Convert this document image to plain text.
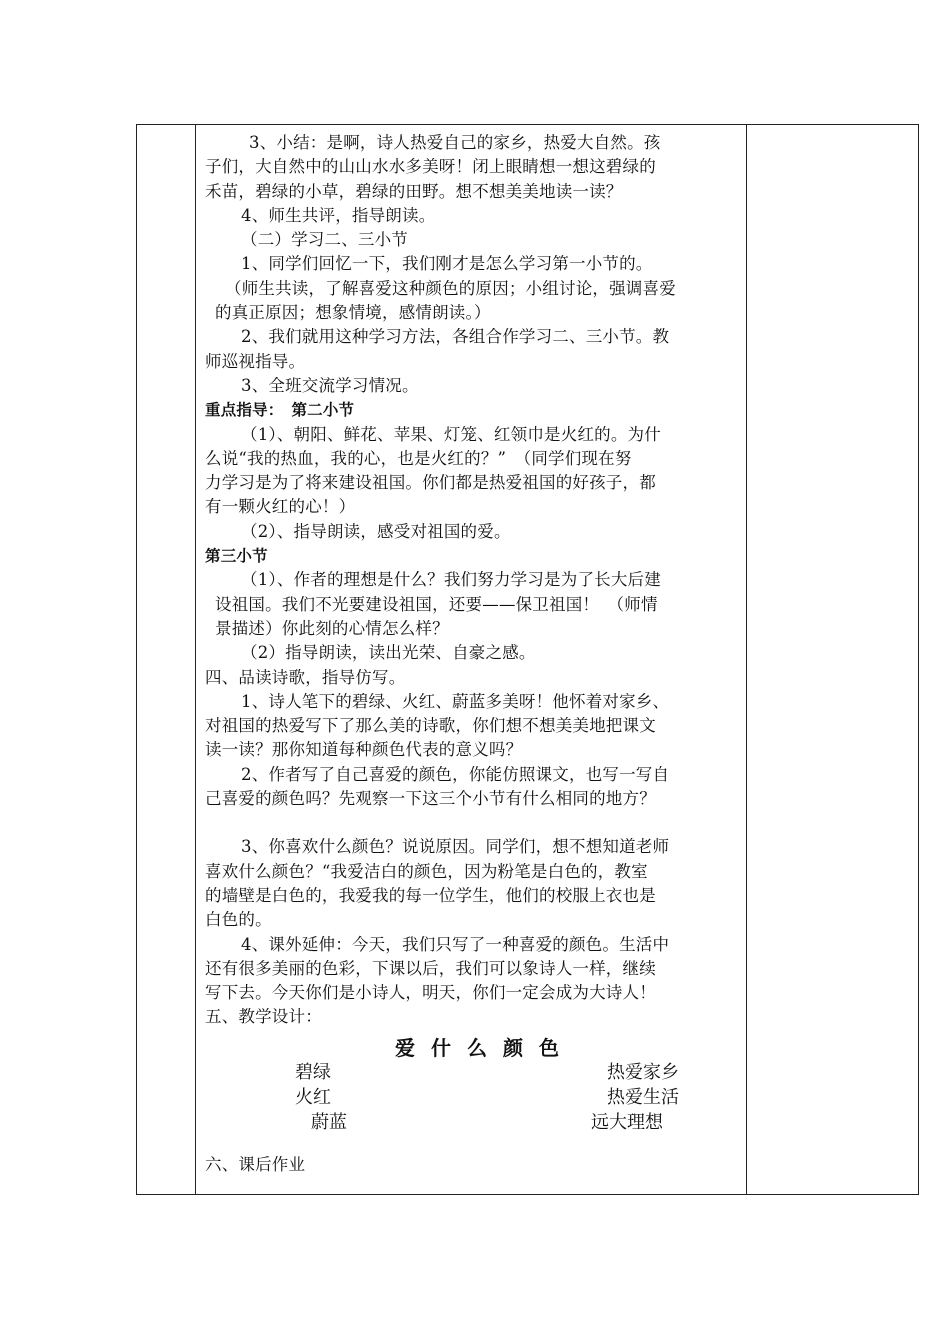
3、小结：是啊，诗人热爱自己的家乡，热爱大自然。孩
子们，大自然中的山山水水多美呀！闭上眼睛想一想这碧绿的
禾苗，碧绿的小草，碧绿的田野。想不想美美地读一读？
4、师生共评，指导朗读。
（二）学习二、三小节
1、同学们回忆一下，我们刚才是怎么学习第一小节的。
（师生共读，了解喜爱这种颜色的原因；小组讨论，强调喜爱
的真正原因；想象情境，感情朗读。）
2、我们就用这种学习方法，各组合作学习二、三小节。教
师巡视指导。
3、全班交流学习情况。
重点指导：　第二小节
（1）、朝阳、鲜花、苹果、灯笼、红领巾是火红的。为什
么说“我的热血，我的心，也是火红的？”　（同学们现在努
力学习是为了将来建设祖国。你们都是热爱祖国的好孩子，都
有一颗火红的心！）
（2）、指导朗读，感受对祖国的爱。
第三小节
（1）、作者的理想是什么？我们努力学习是为了长大后建
设祖国。我们不光要建设祖国，还要——保卫祖国！　（师情
景描述）你此刻的心情怎么样？
（2）指导朗读，读出光荣、自豪之感。
四、品读诗歌，指导仿写。
1、诗人笔下的碧绿、火红、蔚蓝多美呀！他怀着对家乡、
对祖国的热爱写下了那么美的诗歌，你们想不想美美地把课文
读一读？那你知道每种颜色代表的意义吗？
2、作者写了自己喜爱的颜色，你能仿照课文，也写一写自
己喜爱的颜色吗？先观察一下这三个小节有什么相同的地方？
3、你喜欢什么颜色？说说原因。同学们，想不想知道老师
喜欢什么颜色？“我爱洁白的颜色，因为粉笔是白色的，教室
的墙壁是白色的，我爱我的每一位学生，他们的校服上衣也是
白色的。
4、课外延伸：今天，我们只写了一种喜爱的颜色。生活中
还有很多美丽的色彩，下课以后，我们可以象诗人一样，继续
写下去。今天你们是小诗人，明天，你们一定会成为大诗人！
五、教学设计：
爱什么颜色
碧绿	热爱家乡
火红	热爱生活
蔚蓝	远大理想
六、课后作业
